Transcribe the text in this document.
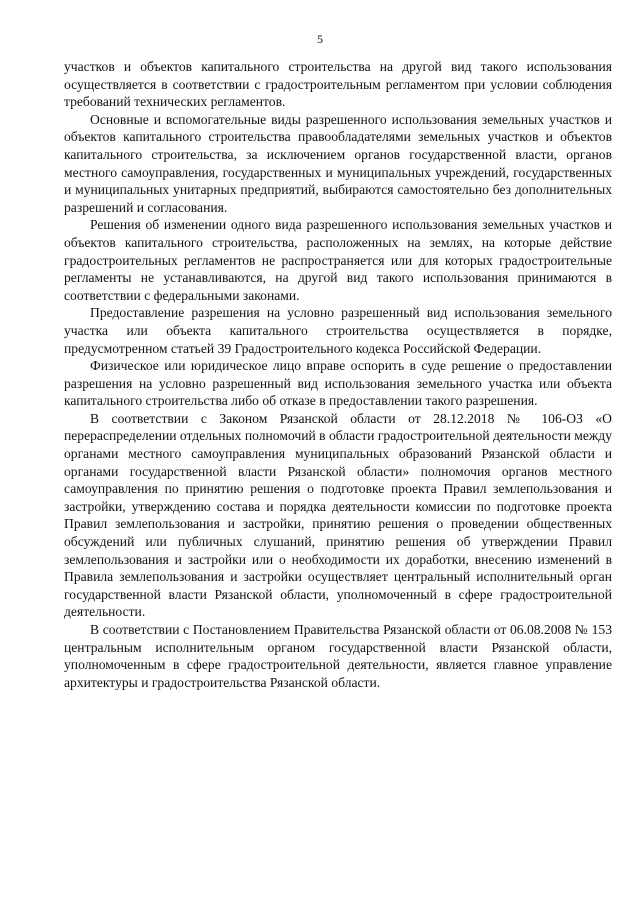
5

участков и объектов капитального строительства на другой вид такого использования осуществляется в соответствии с градостроительным регламентом при условии соблюдения требований технических регламентов.

Основные и вспомогательные виды разрешенного использования земельных участков и объектов капитального строительства правообладателями земельных участков и объектов капитального строительства, за исключением органов государственной власти, органов местного самоуправления, государственных и муниципальных учреждений, государственных и муниципальных унитарных предприятий, выбираются самостоятельно без дополнительных разрешений и согласования.

Решения об изменении одного вида разрешенного использования земельных участков и объектов капитального строительства, расположенных на землях, на которые действие градостроительных регламентов не распространяется или для которых градостроительные регламенты не устанавливаются, на другой вид такого использования принимаются в соответствии с федеральными законами.

Предоставление разрешения на условно разрешенный вид использования земельного участка или объекта капитального строительства осуществляется в порядке, предусмотренном статьей 39 Градостроительного кодекса Российской Федерации.

Физическое или юридическое лицо вправе оспорить в суде решение о предоставлении разрешения на условно разрешенный вид использования земельного участка или объекта капитального строительства либо об отказе в предоставлении такого разрешения.

В соответствии с Законом Рязанской области от 28.12.2018 № 106-ОЗ «О перераспределении отдельных полномочий в области градостроительной деятельности между органами местного самоуправления муниципальных образований Рязанской области и органами государственной власти Рязанской области» полномочия органов местного самоуправления по принятию решения о подготовке проекта Правил землепользования и застройки, утверждению состава и порядка деятельности комиссии по подготовке проекта Правил землепользования и застройки, принятию решения о проведении общественных обсуждений или публичных слушаний, принятию решения об утверждении Правил землепользования и застройки или о необходимости их доработки, внесению изменений в Правила землепользования и застройки осуществляет центральный исполнительный орган государственной власти Рязанской области, уполномоченный в сфере градостроительной деятельности.

В соответствии с Постановлением Правительства Рязанской области от 06.08.2008 № 153 центральным исполнительным органом государственной власти Рязанской области, уполномоченным в сфере градостроительной деятельности, является главное управление архитектуры и градостроительства Рязанской области.
